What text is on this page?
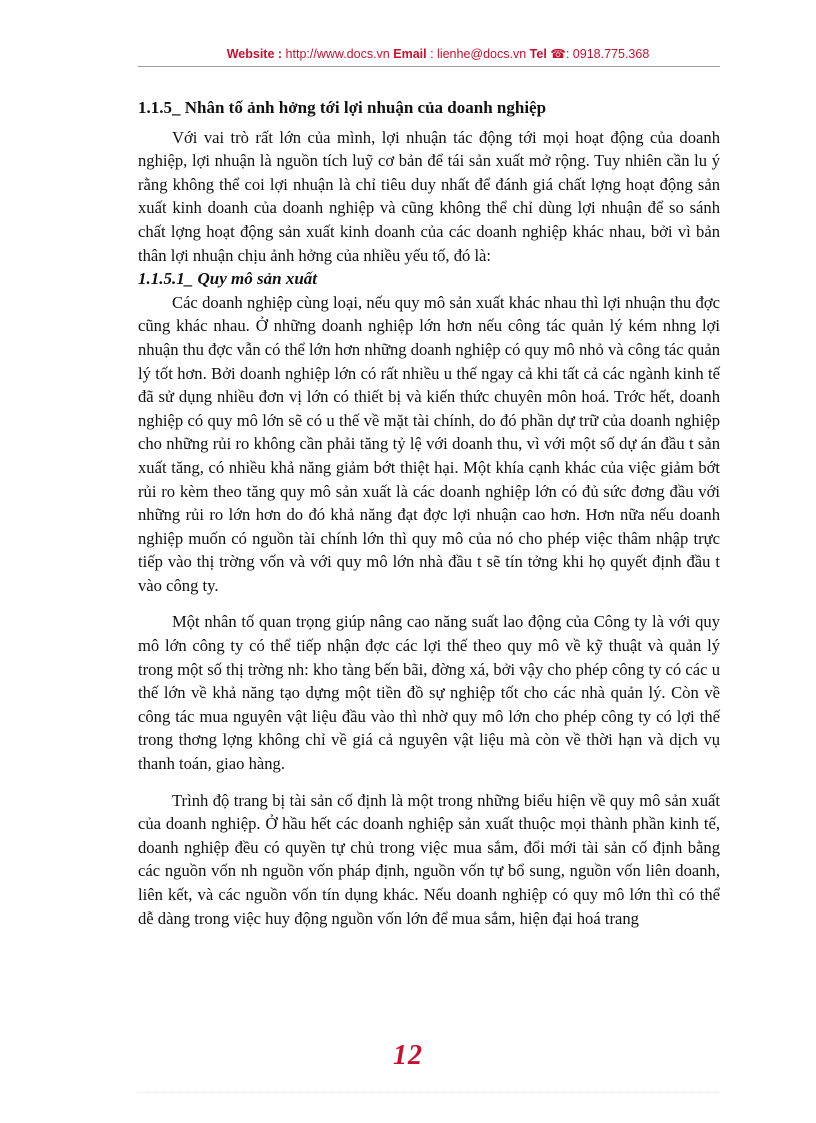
Website : http://www.docs.vn Email : lienhe@docs.vn Tel ☎: 0918.775.368
1.1.5_ Nhân tố ảnh hởng tới lợi nhuận của doanh nghiệp

Với vai trò rất lớn của mình, lợi nhuận tác động tới mọi hoạt động của doanh nghiệp, lợi nhuận là nguồn tích luỹ cơ bản để tái sản xuất mở rộng. Tuy nhiên cần lu ý rằng không thể coi lợi nhuận là chỉ tiêu duy nhất để đánh giá chất lợng hoạt động sản xuất kinh doanh của doanh nghiệp và cũng không thể chỉ dùng lợi nhuận để so sánh chất lợng hoạt động sản xuất kinh doanh của các doanh nghiệp khác nhau, bởi vì bản thân lợi nhuận chịu ảnh hởng của nhiều yếu tố, đó là:

1.1.5.1_ Quy mô sản xuất

Các doanh nghiệp cùng loại, nếu quy mô sản xuất khác nhau thì lợi nhuận thu đợc cũng khác nhau. Ở những doanh nghiệp lớn hơn nếu công tác quản lý kém nhng lợi nhuận thu đợc vẫn có thể lớn hơn những doanh nghiệp có quy mô nhỏ và công tác quản lý tốt hơn. Bởi doanh nghiệp lớn có rất nhiều u thế ngay cả khi tất cả các ngành kinh tế đã sử dụng nhiều đơn vị lớn có thiết bị và kiến thức chuyên môn hoá. Trớc hết, doanh nghiệp có quy mô lớn sẽ có u thế về mặt tài chính, do đó phần dự trữ của doanh nghiệp cho những rủi ro không cần phải tăng tỷ lệ với doanh thu, vì với một số dự án đầu t sản xuất tăng, có nhiều khả năng giảm bớt thiệt hại. Một khía cạnh khác của việc giảm bớt rủi ro kèm theo tăng quy mô sản xuất là các doanh nghiệp lớn có đủ sức đơng đầu với những rủi ro lớn hơn do đó khả năng đạt đợc lợi nhuận cao hơn. Hơn nữa nếu doanh nghiệp muốn có nguồn tài chính lớn thì quy mô của nó cho phép việc thâm nhập trực tiếp vào thị trờng vốn và với quy mô lớn nhà đầu t sẽ tín tởng khi họ quyết định đầu t vào công ty.

Một nhân tố quan trọng giúp nâng cao năng suất lao động của Công ty là với quy mô lớn công ty có thể tiếp nhận đợc các lợi thế theo quy mô về kỹ thuật và quản lý trong một số thị trờng nh: kho tàng bến bãi, đờng xá, bởi vậy cho phép công ty có các u thế lớn về khả năng tạo dựng một tiền đồ sự nghiệp tốt cho các nhà quản lý. Còn về công tác mua nguyên vật liệu đầu vào thì nhờ quy mô lớn cho phép công ty có lợi thế trong thơng lợng không chỉ về giá cả nguyên vật liệu mà còn về thời hạn và dịch vụ thanh toán, giao hàng.

Trình độ trang bị tài sản cố định là một trong những biểu hiện về quy mô sản xuất của doanh nghiệp. Ở hầu hết các doanh nghiệp sản xuất thuộc mọi thành phần kinh tế, doanh nghiệp đều có quyền tự chủ trong việc mua sắm, đổi mới tài sản cố định bằng các nguồn vốn nh nguồn vốn pháp định, nguồn vốn tự bổ sung, nguồn vốn liên doanh, liên kết, và các nguồn vốn tín dụng khác. Nếu doanh nghiệp có quy mô lớn thì có thể dễ dàng trong việc huy động nguồn vốn lớn để mua sắm, hiện đại hoá trang

12
